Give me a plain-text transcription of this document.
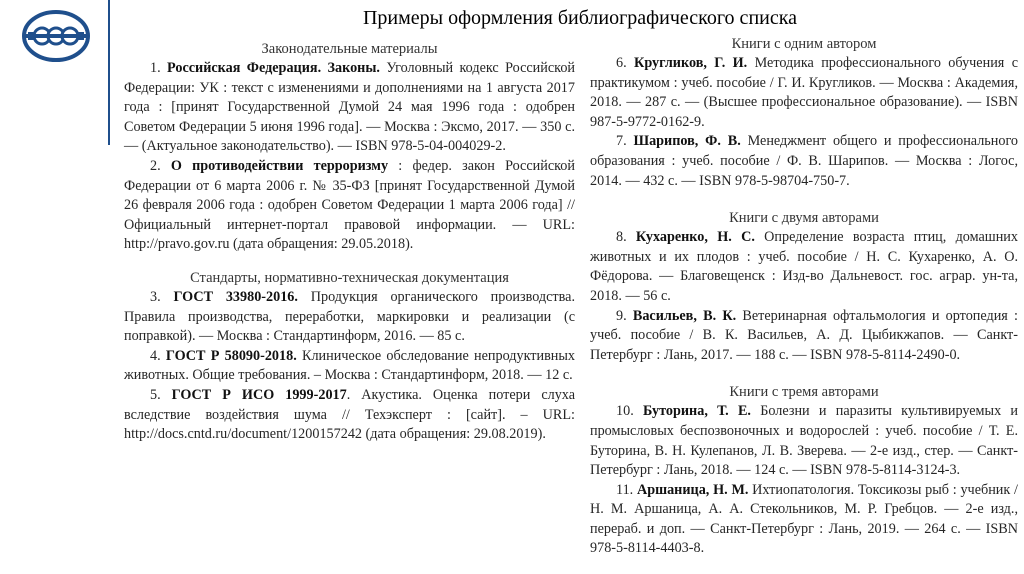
Примеры оформления библиографического списка
Законодательные материалы

1. Российская Федерация. Законы. Уголовный кодекс Российской Федерации: УК : текст с изменениями и дополнениями на 1 августа 2017 года : [принят Государственной Думой 24 мая 1996 года : одобрен Советом Федерации 5 июня 1996 года]. — Москва : Эксмо, 2017. — 350 с. — (Актуальное законодательство). — ISBN 978-5-04-004029-2.

2. О противодействии терроризму : федер. закон Российской Федерации от 6 марта 2006 г. № 35-ФЗ [принят Государственной Думой 26 февраля 2006 года : одобрен Советом Федерации 1 марта 2006 года] // Официальный интернет-портал правовой информации. — URL: http://pravo.gov.ru (дата обращения: 29.05.2018).

Стандарты, нормативно-техническая документация

3. ГОСТ 33980-2016. Продукция органического производства. Правила производства, переработки, маркировки и реализации (с поправкой). — Москва : Стандартинформ, 2016. — 85 с.

4. ГОСТ Р 58090-2018. Клиническое обследование непродуктивных животных. Общие требования. – Москва : Стандартинформ, 2018. — 12 с.

5. ГОСТ Р ИСО 1999-2017. Акустика. Оценка потери слуха вследствие воздействия шума // Техэксперт : [сайт]. – URL: http://docs.cntd.ru/document/1200157242 (дата обращения: 29.08.2019).

Книги с одним автором

6. Кругликов, Г. И. Методика профессионального обучения с практикумом : учеб. пособие / Г. И. Кругликов. — Москва : Академия, 2018. — 287 с. — (Высшее профессиональное образование). — ISBN 987-5-9772-0162-9.

7. Шарипов, Ф. В. Менеджмент общего и профессионального образования : учеб. пособие / Ф. В. Шарипов. — Москва : Логос, 2014. — 432 с. — ISBN 978-5-98704-750-7.

Книги с двумя авторами

8. Кухаренко, Н. С. Определение возраста птиц, домашних животных и их плодов : учеб. пособие / Н. С. Кухаренко, А. О. Фёдорова. — Благовещенск : Изд-во Дальневост. гос. аграр. ун-та, 2018. — 56 с.

9. Васильев, В. К. Ветеринарная офтальмология и ортопедия : учеб. пособие / В. К. Васильев, А. Д. Цыбикжапов. — Санкт-Петербург : Лань, 2017. — 188 с. — ISBN 978-5-8114-2490-0.

Книги с тремя авторами

10. Буторина, Т. Е. Болезни и паразиты культивируемых и промысловых беспозвоночных и водорослей : учеб. пособие / Т. Е. Буторина, В. Н. Кулепанов, Л. В. Зверева. — 2-е изд., стер. — Санкт-Петербург : Лань, 2018. — 124 с. — ISBN 978-5-8114-3124-3.

11. Аршаница, Н. М. Ихтиопатология. Токсикозы рыб : учебник / Н. М. Аршаница, А. А. Стекольников, М. Р. Гребцов. — 2-е изд., перераб. и доп. — Санкт-Петербург : Лань, 2019. — 264 с. — ISBN 978-5-8114-4403-8.
